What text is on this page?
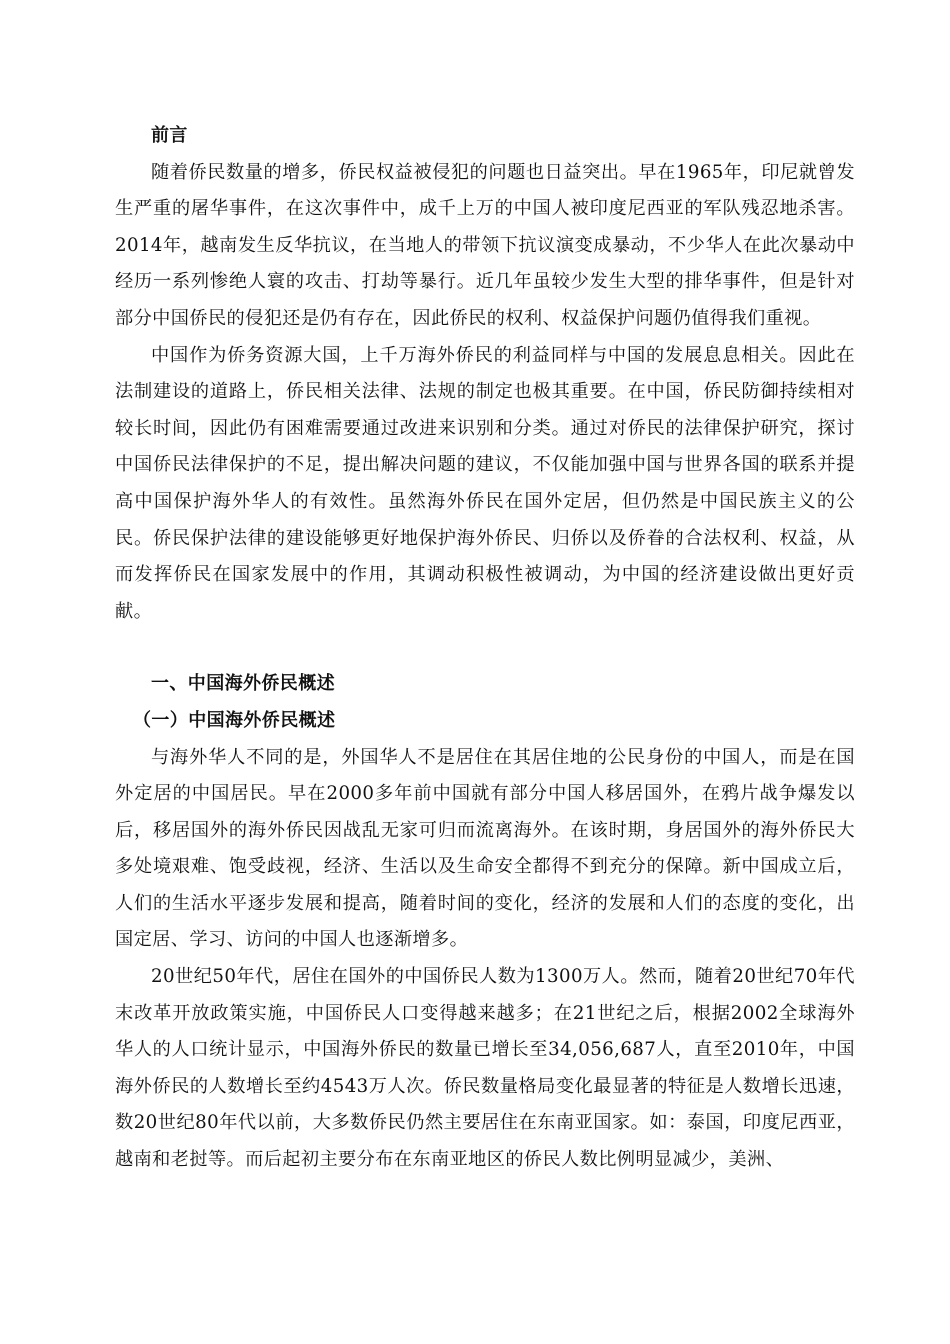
前言

随着侨民数量的增多，侨民权益被侵犯的问题也日益突出。早在1965年，印尼就曾发生严重的屠华事件，在这次事件中，成千上万的中国人被印度尼西亚的军队残忍地杀害。2014年，越南发生反华抗议，在当地人的带领下抗议演变成暴动，不少华人在此次暴动中经历一系列惨绝人寰的攻击、打劫等暴行。近几年虽较少发生大型的排华事件，但是针对部分中国侨民的侵犯还是仍有存在，因此侨民的权利、权益保护问题仍值得我们重视。

中国作为侨务资源大国，上千万海外侨民的利益同样与中国的发展息息相关。因此在法制建设的道路上，侨民相关法律、法规的制定也极其重要。在中国，侨民防御持续相对较长时间，因此仍有困难需要通过改进来识别和分类。通过对侨民的法律保护研究，探讨中国侨民法律保护的不足，提出解决问题的建议，不仅能加强中国与世界各国的联系并提高中国保护海外华人的有效性。虽然海外侨民在国外定居，但仍然是中国民族主义的公民。侨民保护法律的建设能够更好地保护海外侨民、归侨以及侨眷的合法权利、权益，从而发挥侨民在国家发展中的作用，其调动积极性被调动，为中国的经济建设做出更好贡献。

一、中国海外侨民概述
（一）中国海外侨民概述

与海外华人不同的是，外国华人不是居住在其居住地的公民身份的中国人，而是在国外定居的中国居民。早在2000多年前中国就有部分中国人移居国外，在鸦片战争爆发以后，移居国外的海外侨民因战乱无家可归而流离海外。在该时期，身居国外的海外侨民大多处境艰难、饱受歧视，经济、生活以及生命安全都得不到充分的保障。新中国成立后，人们的生活水平逐步发展和提高，随着时间的变化，经济的发展和人们的态度的变化，出国定居、学习、访问的中国人也逐渐增多。

20世纪50年代，居住在国外的中国侨民人数为1300万人。然而，随着20世纪70年代末改革开放政策实施，中国侨民人口变得越来越多；在21世纪之后，根据2002全球海外华人的人口统计显示，中国海外侨民的数量已增长至34,056,687人，直至2010年，中国海外侨民的人数增长至约4543万人次。侨民数量格局变化最显著的特征是人数增长迅速，数20世纪80年代以前，大多数侨民仍然主要居住在东南亚国家。如：泰国，印度尼西亚，越南和老挝等。而后起初主要分布在东南亚地区的侨民人数比例明显减少，美洲、
